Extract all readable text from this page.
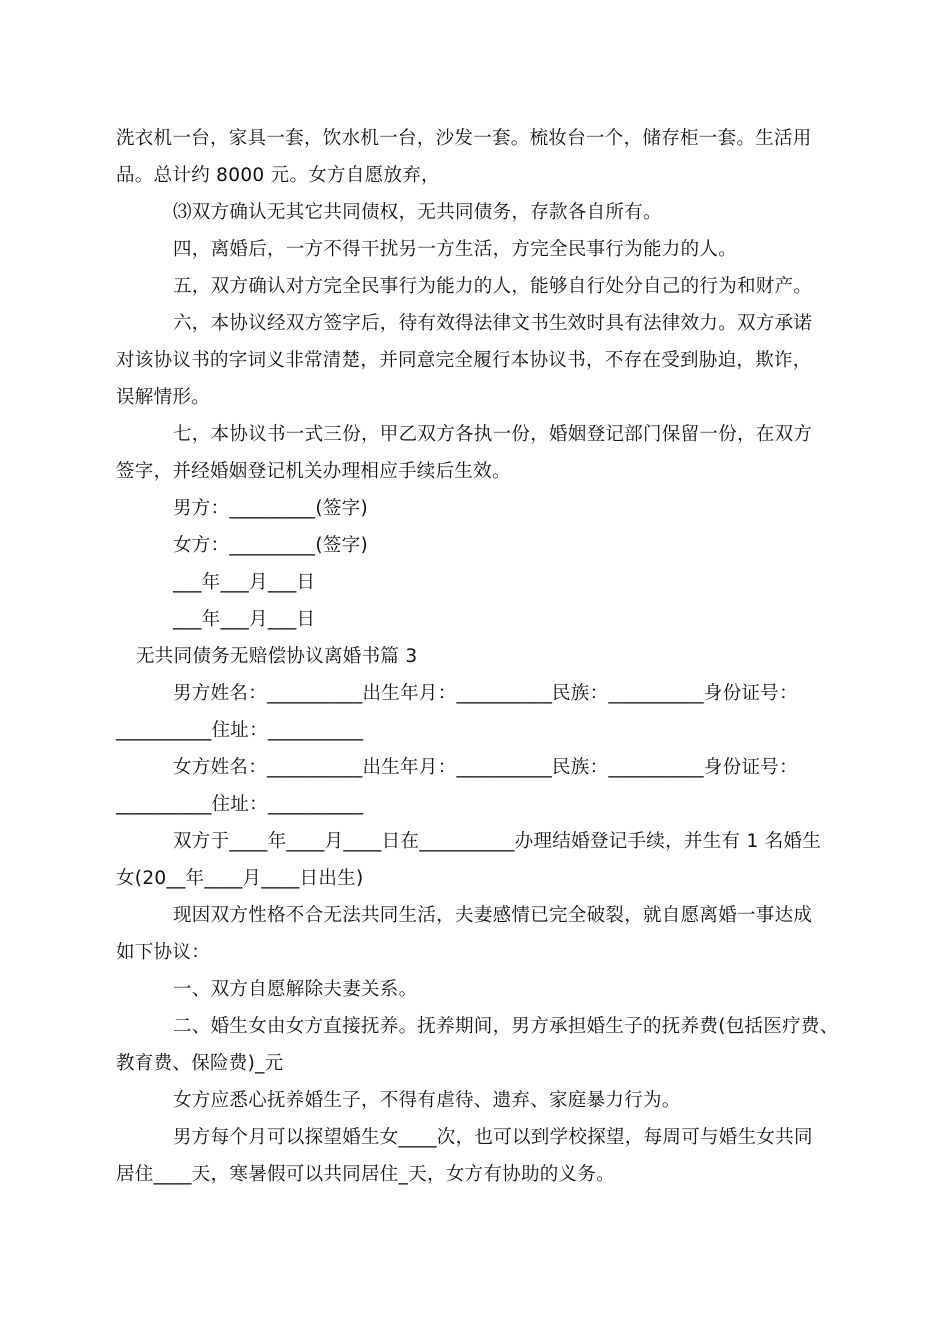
洗衣机一台，家具一套，饮水机一台，沙发一套。梳妆台一个，储存柜一套。生活用

品。总计约 8000 元。女方自愿放弃，

⑶双方确认无其它共同债权，无共同债务，存款各自所有。

四，离婚后，一方不得干扰另一方生活，方完全民事行为能力的人。

五，双方确认对方完全民事行为能力的人，能够自行处分自己的行为和财产。

六，本协议经双方签字后，待有效得法律文书生效时具有法律效力。双方承诺

对该协议书的字词义非常清楚，并同意完全履行本协议书，不存在受到胁迫，欺诈，

误解情形。

七，本协议书一式三份，甲乙双方各执一份，婚姻登记部门保留一份，在双方

签字，并经婚姻登记机关办理相应手续后生效。

男方：_________(签字)

女方：_________(签字)

___年___月___日

___年___月___日

无共同债务无赔偿协议离婚书篇 3

男方姓名：__________出生年月：__________民族：__________身份证号：

__________住址：__________

女方姓名：__________出生年月：__________民族：__________身份证号：

__________住址：__________

双方于____年____月____日在__________办理结婚登记手续，并生有 1 名婚生

女(20__年____月____日出生)

现因双方性格不合无法共同生活，夫妻感情已完全破裂，就自愿离婚一事达成

如下协议：

一、双方自愿解除夫妻关系。

二、婚生女由女方直接抚养。抚养期间，男方承担婚生子的抚养费(包括医疗费、

教育费、保险费)_元

女方应悉心抚养婚生子，不得有虐待、遗弃、家庭暴力行为。

男方每个月可以探望婚生女____次，也可以到学校探望，每周可与婚生女共同

居住____天，寒暑假可以共同居住_天，女方有协助的义务。
